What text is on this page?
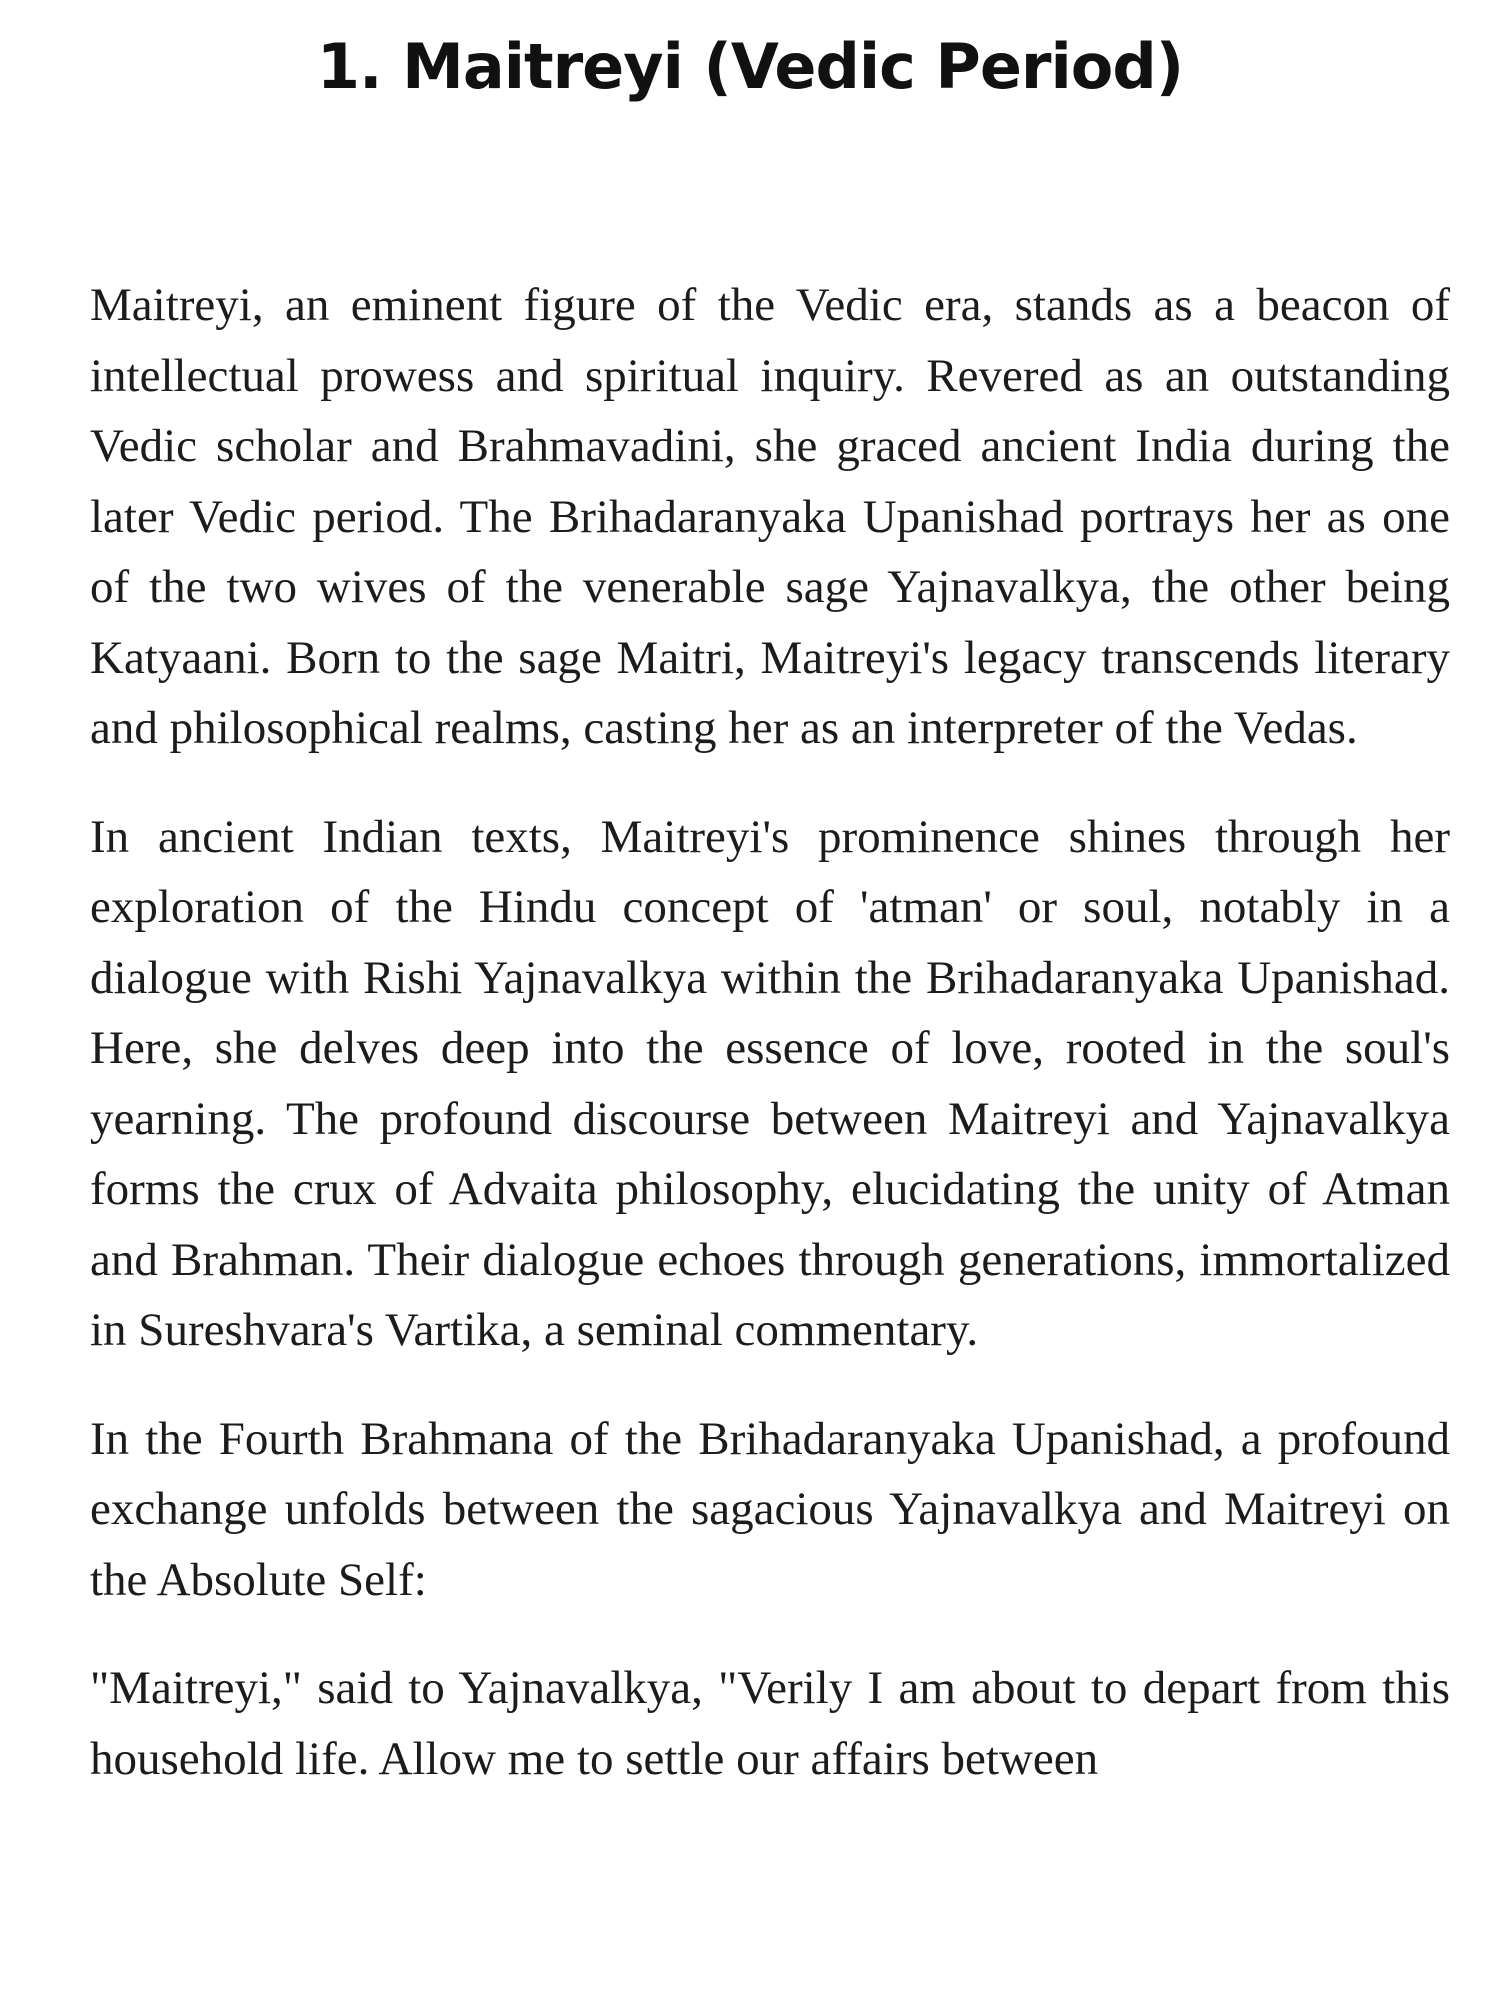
1. Maitreyi (Vedic Period)

Maitreyi, an eminent figure of the Vedic era, stands as a beacon of intellectual prowess and spiritual inquiry. Revered as an outstanding Vedic scholar and Brahmavadini, she graced ancient India during the later Vedic period. The Brihadaranyaka Upanishad portrays her as one of the two wives of the venerable sage Yajnavalkya, the other being Katyaani. Born to the sage Maitri, Maitreyi's legacy transcends literary and philosophical realms, casting her as an interpreter of the Vedas.

In ancient Indian texts, Maitreyi's prominence shines through her exploration of the Hindu concept of 'atman' or soul, notably in a dialogue with Rishi Yajnavalkya within the Brihadaranyaka Upanishad. Here, she delves deep into the essence of love, rooted in the soul's yearning. The profound discourse between Maitreyi and Yajnavalkya forms the crux of Advaita philosophy, elucidating the unity of Atman and Brahman. Their dialogue echoes through generations, immortalized in Sureshvara's Vartika, a seminal commentary.

In the Fourth Brahmana of the Brihadaranyaka Upanishad, a profound exchange unfolds between the sagacious Yajnavalkya and Maitreyi on the Absolute Self:

"Maitreyi," said to Yajnavalkya, "Verily I am about to depart from this household life. Allow me to settle our affairs between
